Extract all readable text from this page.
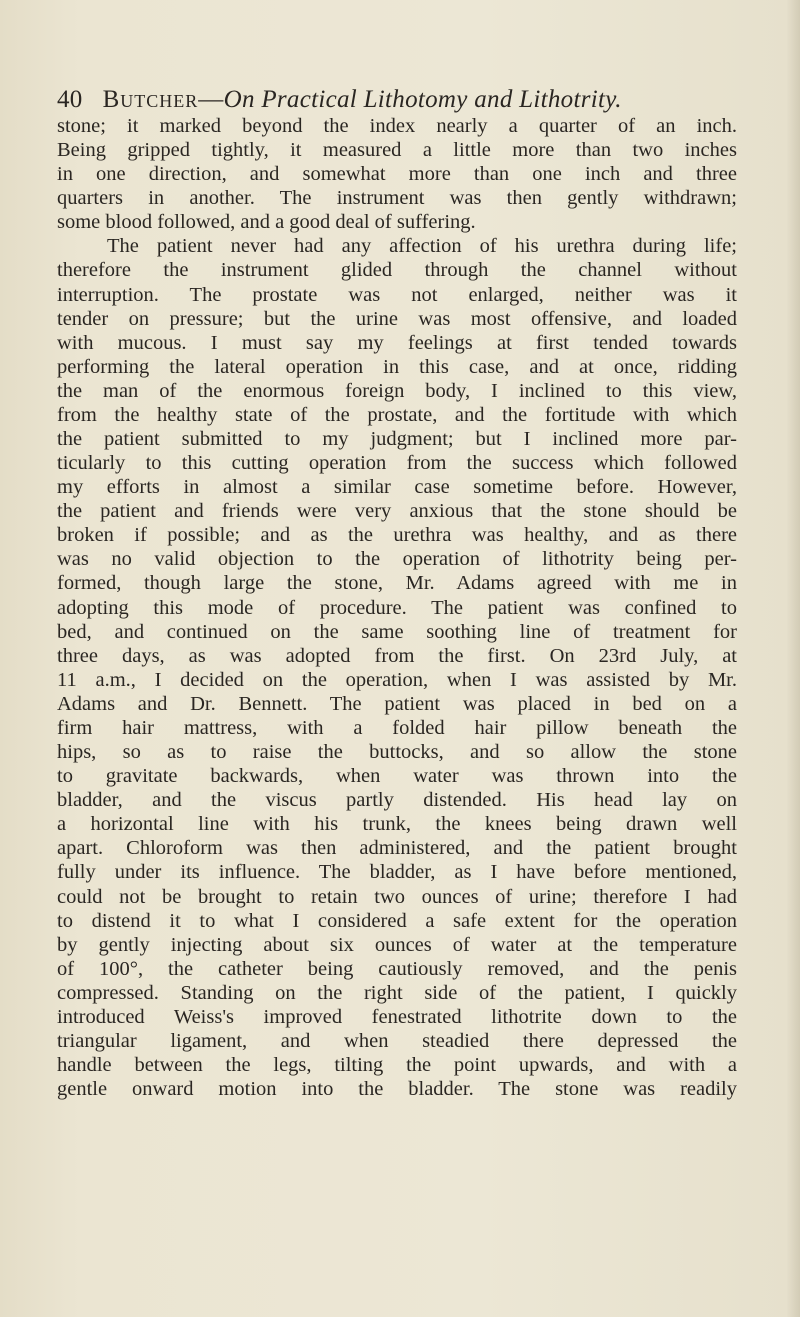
40 Butcher—On Practical Lithotomy and Lithotrity.
stone; it marked beyond the index nearly a quarter of an inch.
Being gripped tightly, it measured a little more than two inches
in one direction, and somewhat more than one inch and three
quarters in another. The instrument was then gently withdrawn;
some blood followed, and a good deal of suffering.
The patient never had any affection of his urethra during life;
therefore the instrument glided through the channel without
interruption. The prostate was not enlarged, neither was it
tender on pressure; but the urine was most offensive, and loaded
with mucous. I must say my feelings at first tended towards
performing the lateral operation in this case, and at once, ridding
the man of the enormous foreign body, I inclined to this view,
from the healthy state of the prostate, and the fortitude with which
the patient submitted to my judgment; but I inclined more par-
ticularly to this cutting operation from the success which followed
my efforts in almost a similar case sometime before. However,
the patient and friends were very anxious that the stone should be
broken if possible; and as the urethra was healthy, and as there
was no valid objection to the operation of lithotrity being per-
formed, though large the stone, Mr. Adams agreed with me in
adopting this mode of procedure. The patient was confined to
bed, and continued on the same soothing line of treatment for
three days, as was adopted from the first. On 23rd July, at
11 a.m., I decided on the operation, when I was assisted by Mr.
Adams and Dr. Bennett. The patient was placed in bed on a
firm hair mattress, with a folded hair pillow beneath the
hips, so as to raise the buttocks, and so allow the stone
to gravitate backwards, when water was thrown into the
bladder, and the viscus partly distended. His head lay on
a horizontal line with his trunk, the knees being drawn well
apart. Chloroform was then administered, and the patient brought
fully under its influence. The bladder, as I have before mentioned,
could not be brought to retain two ounces of urine; therefore I had
to distend it to what I considered a safe extent for the operation
by gently injecting about six ounces of water at the temperature
of 100°, the catheter being cautiously removed, and the penis
compressed. Standing on the right side of the patient, I quickly
introduced Weiss's improved fenestrated lithotrite down to the
triangular ligament, and when steadied there depressed the
handle between the legs, tilting the point upwards, and with a
gentle onward motion into the bladder. The stone was readily
